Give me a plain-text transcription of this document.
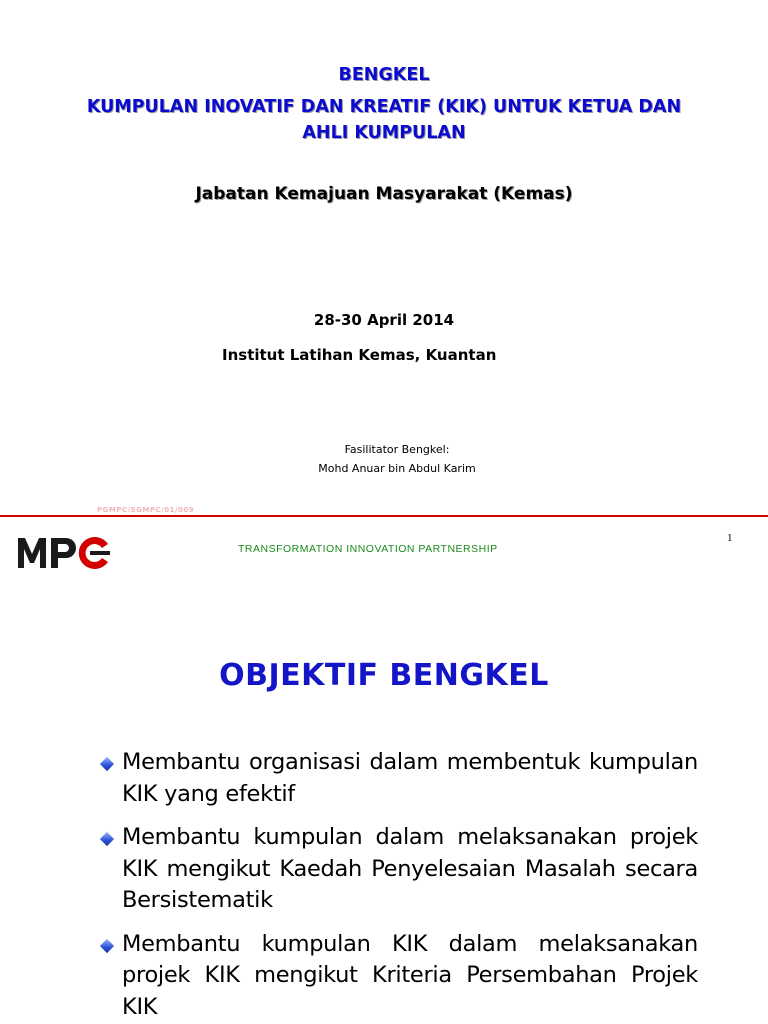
BENGKEL
KUMPULAN INOVATIF DAN KREATIF (KIK) UNTUK KETUA DAN
AHLI KUMPULAN
Jabatan Kemajuan Masyarakat (Kemas)
28-30 April 2014
Institut Latihan Kemas, Kuantan
Fasilitator Bengkel:
Mohd Anuar bin Abdul Karim
PGMPC/SGMPC/01/009
TRANSFORMATION INNOVATION PARTNERSHIP
1
OBJEKTIF BENGKEL
Membantu organisasi dalam membentuk kumpulan KIK yang efektif
Membantu kumpulan dalam melaksanakan projek KIK mengikut Kaedah Penyelesaian Masalah secara Bersistematik
Membantu kumpulan KIK dalam melaksanakan projek KIK mengikut Kriteria Persembahan Projek KIK
